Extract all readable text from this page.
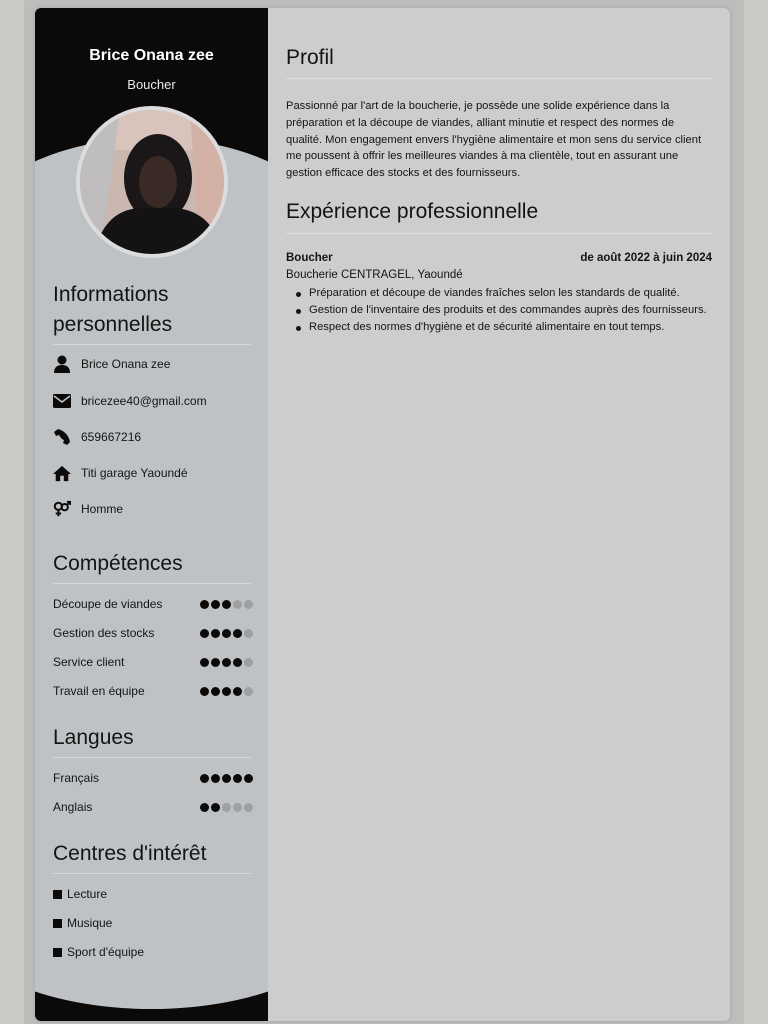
Brice Onana zee
Boucher
Informations
personnelles
Brice Onana zee
bricezee40@gmail.com
659667216
Titi garage Yaoundé
Homme
Compétences
Découpe de viandes
Gestion des stocks
Service client
Travail en équipe
Langues
Français
Anglais
Centres d'intérêt
Lecture
Musique
Sport d'équipe
Profil
Passionné par l'art de la boucherie, je possède une solide expérience dans la préparation et la découpe de viandes, alliant minutie et respect des normes de qualité. Mon engagement envers l'hygiène alimentaire et mon sens du service client me poussent à offrir les meilleures viandes à ma clientèle, tout en assurant une gestion efficace des stocks et des fournisseurs.
Expérience professionnelle
Boucher	de août 2022 à juin 2024
Boucherie CENTRAGEL, Yaoundé
Préparation et découpe de viandes fraîches selon les standards de qualité.
Gestion de l'inventaire des produits et des commandes auprès des fournisseurs.
Respect des normes d'hygiène et de sécurité alimentaire en tout temps.
